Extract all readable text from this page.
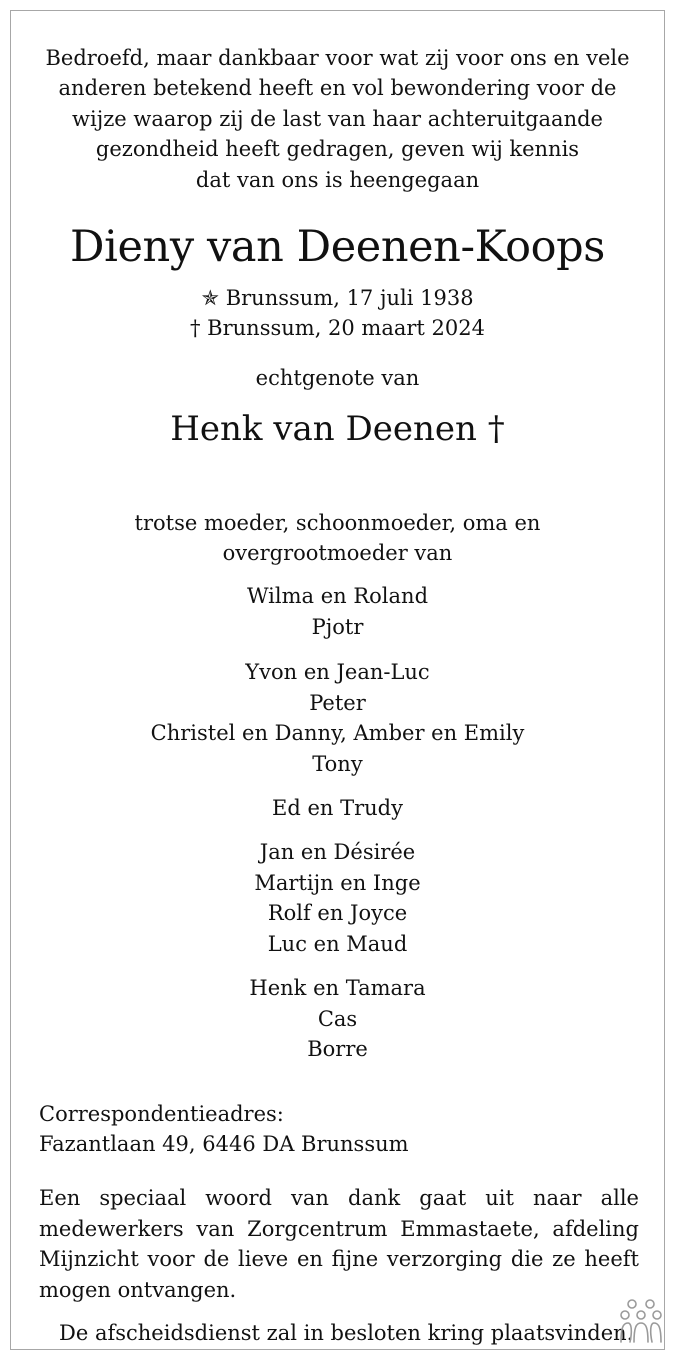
Bedroefd, maar dankbaar voor wat zij voor ons en vele
anderen betekend heeft en vol bewondering voor de
wijze waarop zij de last van haar achteruitgaande
gezondheid heeft gedragen, geven wij kennis
dat van ons is heengegaan
Dieny van Deenen-Koops
✯ Brunssum, 17 juli 1938
† Brunssum, 20 maart 2024
echtgenote van
Henk van Deenen †
trotse moeder, schoonmoeder, oma en
overgrootmoeder van
Wilma en Roland
Pjotr
Yvon en Jean-Luc
Peter
Christel en Danny, Amber en Emily
Tony
Ed en Trudy
Jan en Désirée
Martijn en Inge
Rolf en Joyce
Luc en Maud
Henk en Tamara
Cas
Borre
Correspondentieadres:
Fazantlaan 49, 6446 DA Brunssum
Een speciaal woord van dank gaat uit naar alle
medewerkers van Zorgcentrum Emmastaete, afdeling
Mijnzicht voor de lieve en fijne verzorging die ze heeft
mogen ontvangen.
De afscheidsdienst zal in besloten kring plaatsvinden.
